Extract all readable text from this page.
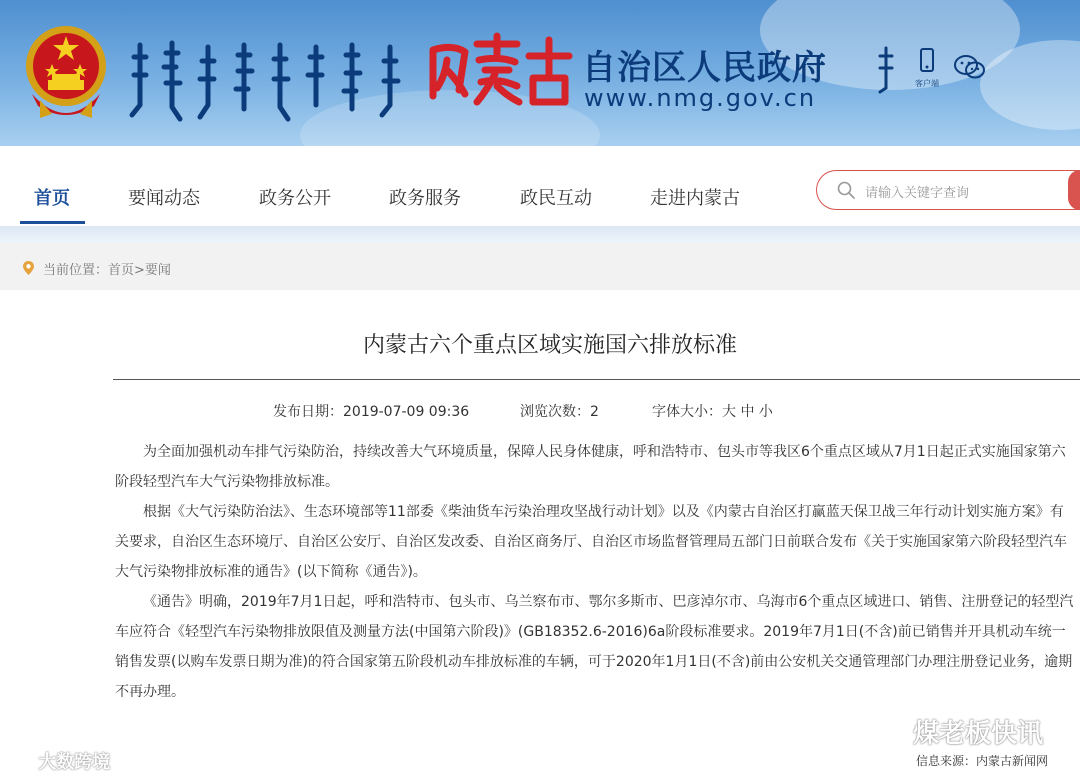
自治区人民政府
www.nmg.gov.cn
客户端
首页	要闻动态	政务公开	政务服务	政民互动	走进内蒙古	请输入关键字查询
当前位置：首页>要闻
内蒙古六个重点区域实施国六排放标准
发布日期：2019-07-09 09:36	浏览次数：2	字体大小：大 中 小

为全面加强机动车排气污染防治，持续改善大气环境质量，保障人民身体健康，呼和浩特市、包头市等我区6个重点区域从7月1日起正式实施国家第六阶段轻型汽车大气污染物排放标准。

根据《大气污染防治法》、生态环境部等11部委《柴油货车污染治理攻坚战行动计划》以及《内蒙古自治区打赢蓝天保卫战三年行动计划实施方案》有关要求，自治区生态环境厅、自治区公安厅、自治区发改委、自治区商务厅、自治区市场监督管理局五部门日前联合发布《关于实施国家第六阶段轻型汽车大气污染物排放标准的通告》(以下简称《通告》)。

《通告》明确，2019年7月1日起，呼和浩特市、包头市、乌兰察布市、鄂尔多斯市、巴彦淖尔市、乌海市6个重点区域进口、销售、注册登记的轻型汽车应符合《轻型汽车污染物排放限值及测量方法(中国第六阶段)》(GB18352.6-2016)6a阶段标准要求。2019年7月1日(不含)前已销售并开具机动车统一销售发票(以购车发票日期为准)的符合国家第五阶段机动车排放标准的车辆，可于2020年1月1日(不含)前由公安机关交通管理部门办理注册登记业务，逾期不再办理。

大数跨境
煤老板快讯
信息来源：内蒙古新闻网
